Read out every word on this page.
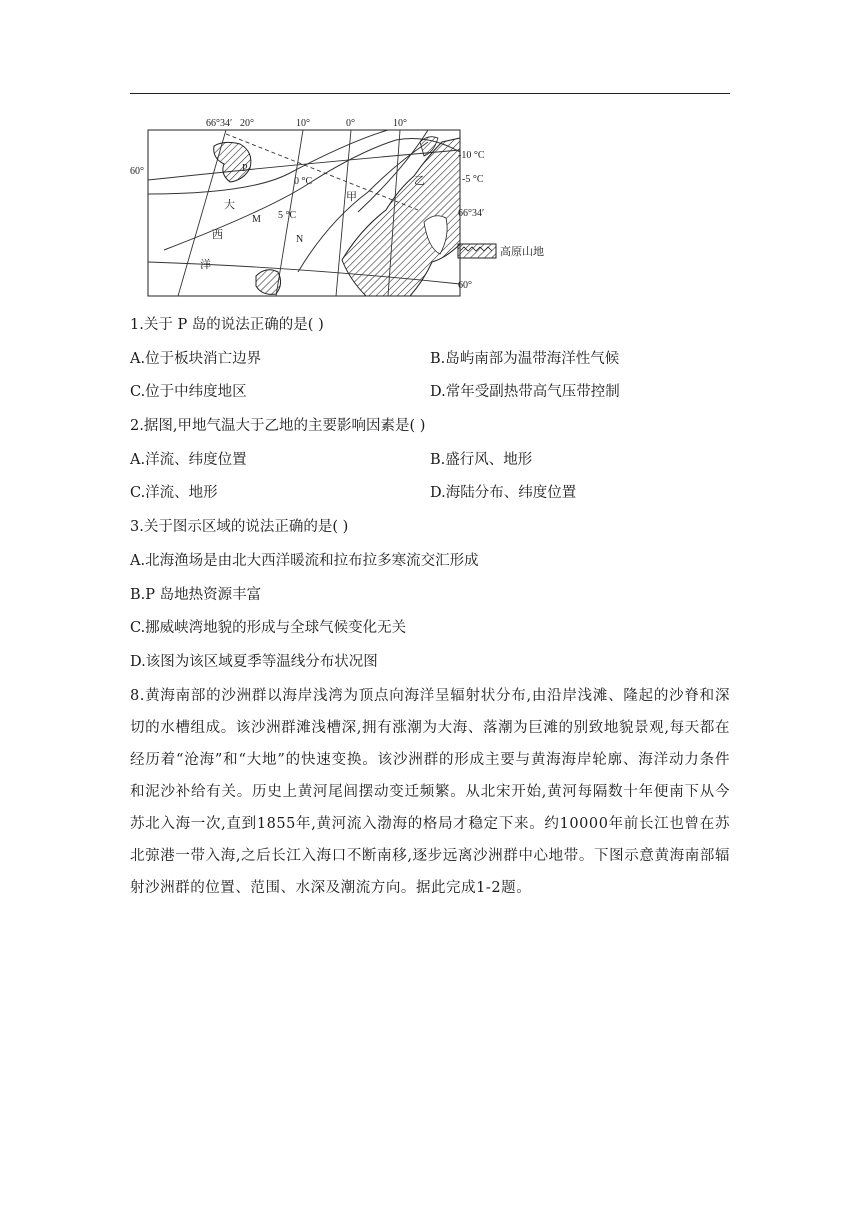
66°34′ 20°	10°	0°	10°
60°
-10 °C
-5 °C
66°34′
60°
P
0 °C
5 °C
M
N
甲
乙
大
西
洋
高原山地
1.关于 P 岛的说法正确的是( )
A.位于板块消亡边界	B.岛屿南部为温带海洋性气候
C.位于中纬度地区	D.常年受副热带高气压带控制
2.据图,甲地气温大于乙地的主要影响因素是( )
A.洋流、纬度位置	B.盛行风、地形
C.洋流、地形	D.海陆分布、纬度位置
3.关于图示区域的说法正确的是( )
A.北海渔场是由北大西洋暖流和拉布拉多寒流交汇形成
B.P 岛地热资源丰富
C.挪威峡湾地貌的形成与全球气候变化无关
D.该图为该区域夏季等温线分布状况图
8.黄海南部的沙洲群以海岸浅湾为顶点向海洋呈辐射状分布,由沿岸浅滩、隆起的沙脊和深切的水槽组成。该沙洲群滩浅槽深,拥有涨潮为大海、落潮为巨滩的别致地貌景观,每天都在经历着“沧海”和“大地”的快速变换。该沙洲群的形成主要与黄海海岸轮廓、海洋动力条件和泥沙补给有关。历史上黄河尾闾摆动变迁频繁。从北宋开始,黄河每隔数十年便南下从今苏北入海一次,直到1855年,黄河流入渤海的格局才稳定下来。约10000年前长江也曾在苏北弶港一带入海,之后长江入海口不断南移,逐步远离沙洲群中心地带。下图示意黄海南部辐射沙洲群的位置、范围、水深及潮流方向。据此完成1-2题。
